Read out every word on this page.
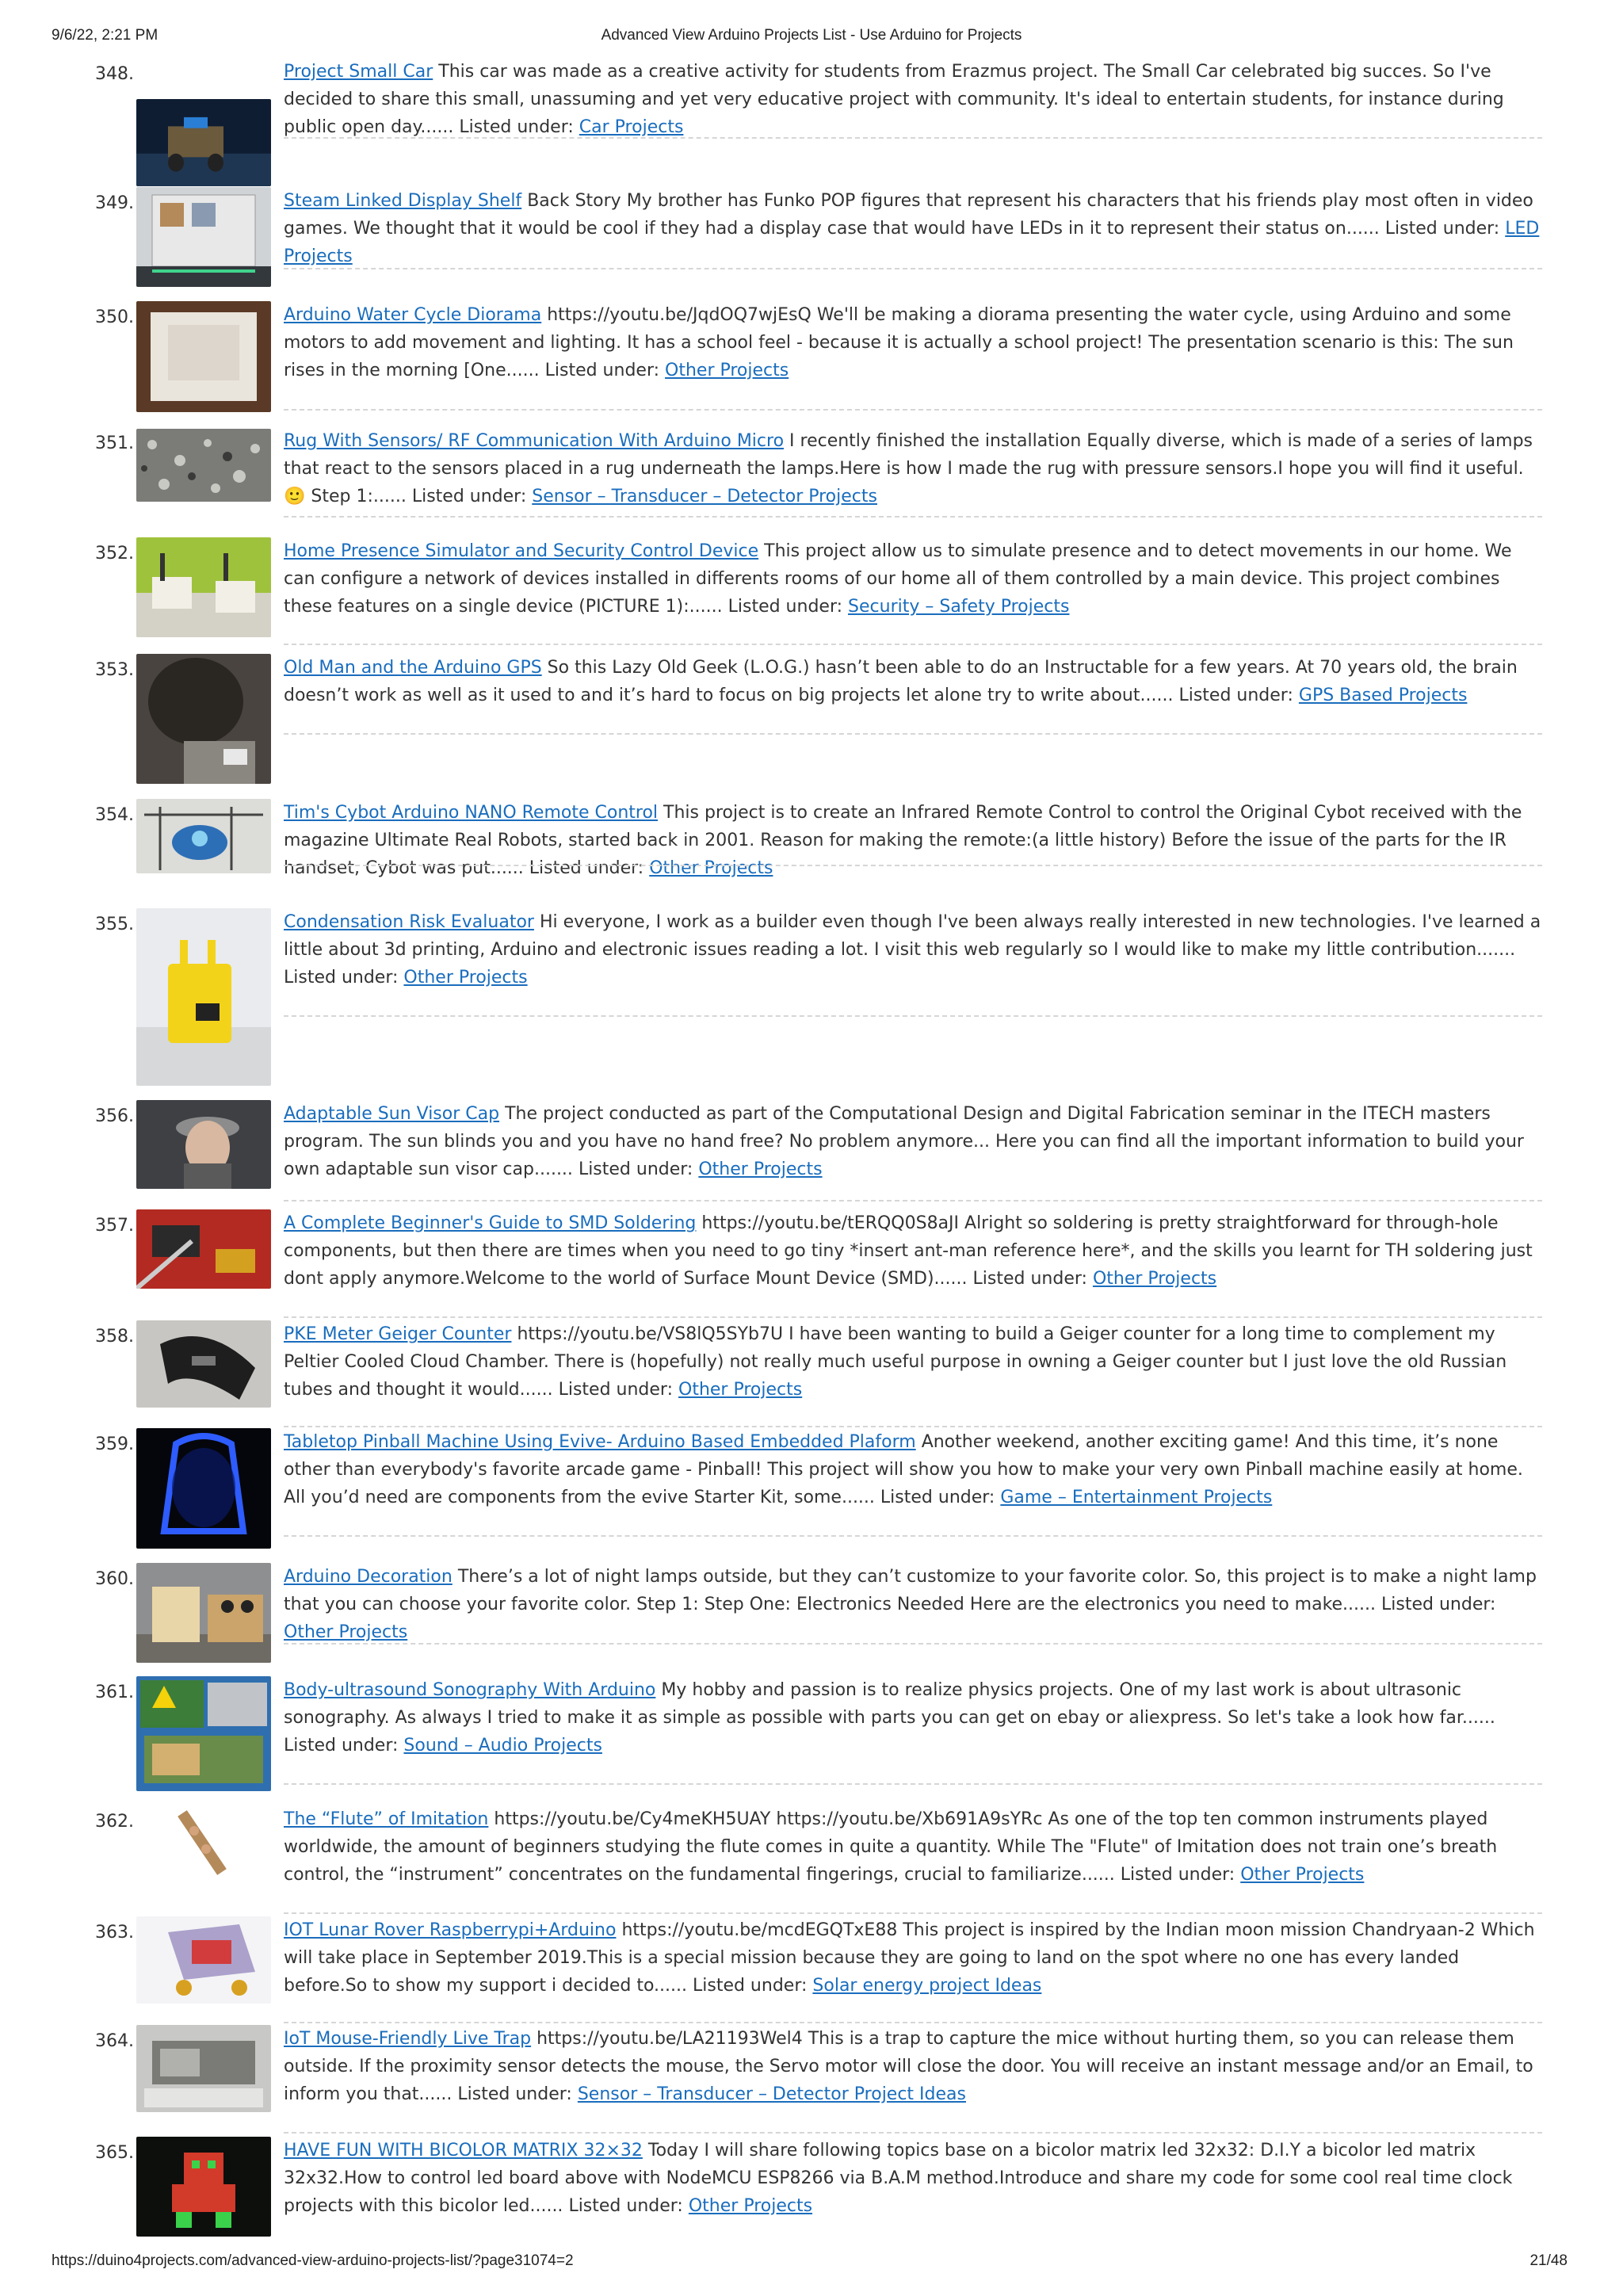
9/6/22, 2:21 PM	Advanced View Arduino Projects List - Use Arduino for Projects
348.	Project Small Car This car was made as a creative activity for students from Erazmus project. The Small Car celebrated big succes. So I've decided to share this small, unassuming and yet very educative project with community. It's ideal to entertain students, for instance during public open day...... Listed under: Car Projects
349.	Steam Linked Display Shelf Back Story My brother has Funko POP figures that represent his characters that his friends play most often in video games. We thought that it would be cool if they had a display case that would have LEDs in it to represent their status on...... Listed under: LED Projects
350.	Arduino Water Cycle Diorama https://youtu.be/JqdOQ7wjEsQ We'll be making a diorama presenting the water cycle, using Arduino and some motors to add movement and lighting. It has a school feel - because it is actually a school project! The presentation scenario is this: The sun rises in the morning [One...... Listed under: Other Projects
351.	Rug With Sensors/ RF Communication With Arduino Micro I recently finished the installation Equally diverse, which is made of a series of lamps that react to the sensors placed in a rug underneath the lamps.Here is how I made the rug with pressure sensors.I hope you will find it useful. 🙂 Step 1:...... Listed under: Sensor – Transducer – Detector Projects
352.	Home Presence Simulator and Security Control Device This project allow us to simulate presence and to detect movements in our home. We can configure a network of devices installed in differents rooms of our home all of them controlled by a main device. This project combines these features on a single device (PICTURE 1):...... Listed under: Security – Safety Projects
353.	Old Man and the Arduino GPS So this Lazy Old Geek (L.O.G.) hasn’t been able to do an Instructable for a few years. At 70 years old, the brain doesn’t work as well as it used to and it’s hard to focus on big projects let alone try to write about...... Listed under: GPS Based Projects
354.	Tim's Cybot Arduino NANO Remote Control This project is to create an Infrared Remote Control to control the Original Cybot received with the magazine Ultimate Real Robots, started back in 2001. Reason for making the remote:(a little history) Before the issue of the parts for the IR handset, Cybot was put...... Listed under: Other Projects
355.	Condensation Risk Evaluator Hi everyone, I work as a builder even though I've been always really interested in new technologies. I've learned a little about 3d printing, Arduino and electronic issues reading a lot. I visit this web regularly so I would like to make my little contribution....... Listed under: Other Projects
356.	Adaptable Sun Visor Cap The project conducted as part of the Computational Design and Digital Fabrication seminar in the ITECH masters program. The sun blinds you and you have no hand free? No problem anymore... Here you can find all the important information to build your own adaptable sun visor cap....... Listed under: Other Projects
357.	A Complete Beginner's Guide to SMD Soldering https://youtu.be/tERQQ0S8aJI Alright so soldering is pretty straightforward for through-hole components, but then there are times when you need to go tiny *insert ant-man reference here*, and the skills you learnt for TH soldering just dont apply anymore.Welcome to the world of Surface Mount Device (SMD)...... Listed under: Other Projects
358.	PKE Meter Geiger Counter https://youtu.be/VS8lQ5SYb7U I have been wanting to build a Geiger counter for a long time to complement my Peltier Cooled Cloud Chamber. There is (hopefully) not really much useful purpose in owning a Geiger counter but I just love the old Russian tubes and thought it would...... Listed under: Other Projects
359.	Tabletop Pinball Machine Using Evive- Arduino Based Embedded Plaform Another weekend, another exciting game! And this time, it’s none other than everybody's favorite arcade game - Pinball! This project will show you how to make your very own Pinball machine easily at home. All you’d need are components from the evive Starter Kit, some...... Listed under: Game – Entertainment Projects
360.	Arduino Decoration There’s a lot of night lamps outside, but they can’t customize to your favorite color. So, this project is to make a night lamp that you can choose your favorite color. Step 1: Step One: Electronics Needed Here are the electronics you need to make...... Listed under: Other Projects
361.	Body-ultrasound Sonography With Arduino My hobby and passion is to realize physics projects. One of my last work is about ultrasonic sonography. As always I tried to make it as simple as possible with parts you can get on ebay or aliexpress. So let's take a look how far...... Listed under: Sound – Audio Projects
362.	The “Flute” of Imitation https://youtu.be/Cy4meKH5UAY https://youtu.be/Xb691A9sYRc As one of the top ten common instruments played worldwide, the amount of beginners studying the flute comes in quite a quantity. While The "Flute" of Imitation does not train one’s breath control, the “instrument” concentrates on the fundamental fingerings, crucial to familiarize...... Listed under: Other Projects
363.	IOT Lunar Rover Raspberrypi+Arduino https://youtu.be/mcdEGQTxE88 This project is inspired by the Indian moon mission Chandryaan-2 Which will take place in September 2019.This is a special mission because they are going to land on the spot where no one has every landed before.So to show my support i decided to...... Listed under: Solar energy project Ideas
364.	IoT Mouse-Friendly Live Trap https://youtu.be/LA21193Wel4 This is a trap to capture the mice without hurting them, so you can release them outside. If the proximity sensor detects the mouse, the Servo motor will close the door. You will receive an instant message and/or an Email, to inform you that...... Listed under: Sensor – Transducer – Detector Project Ideas
365.	HAVE FUN WITH BICOLOR MATRIX 32×32 Today I will share following topics base on a bicolor matrix led 32x32: D.I.Y a bicolor led matrix 32x32.How to control led board above with NodeMCU ESP8266 via B.A.M method.Introduce and share my code for some cool real time clock projects with this bicolor led...... Listed under: Other Projects
https://duino4projects.com/advanced-view-arduino-projects-list/?page31074=2	21/48
